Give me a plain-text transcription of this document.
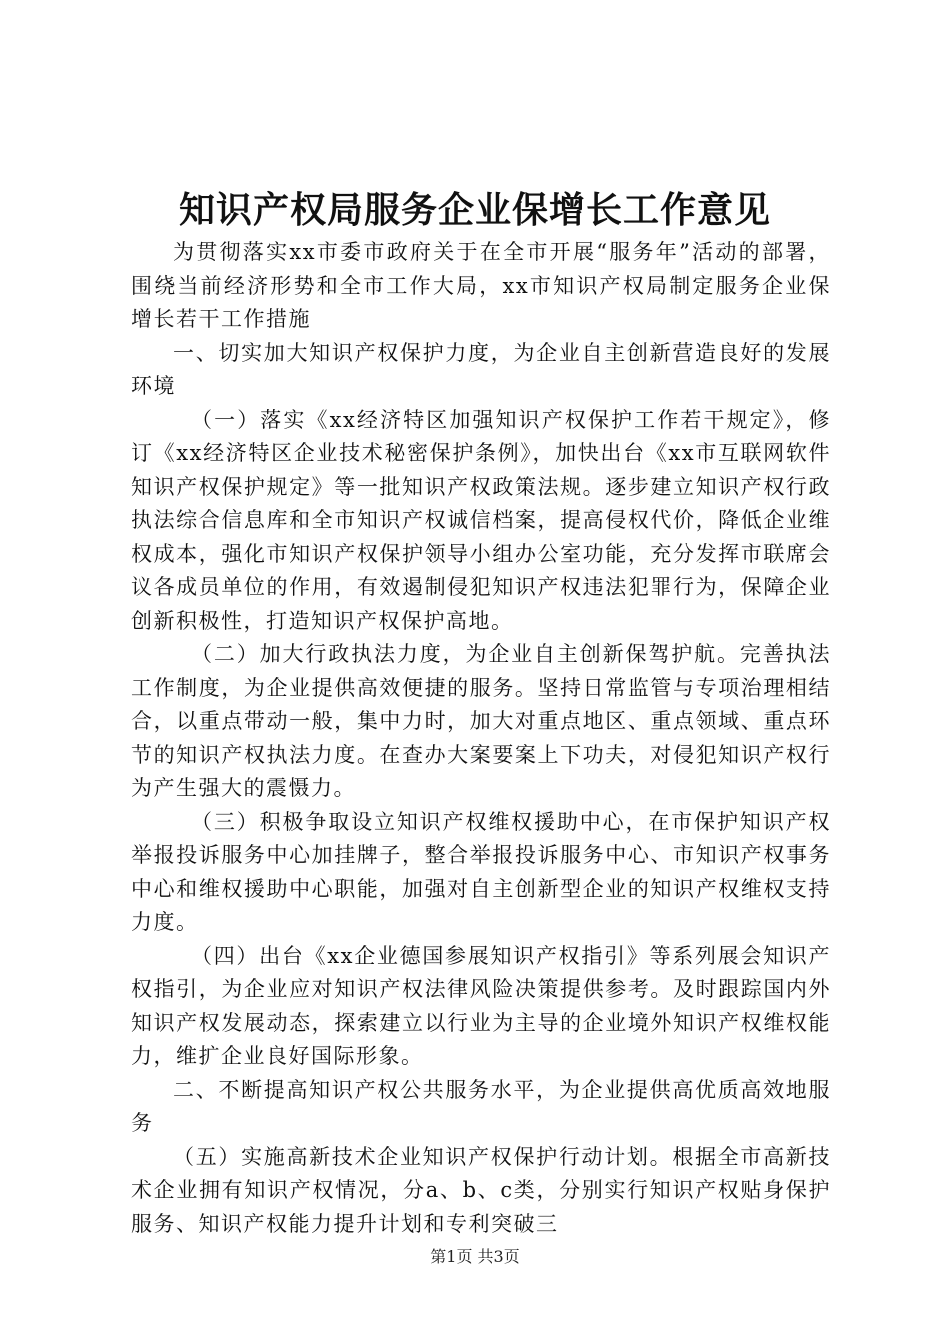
知识产权局服务企业保增长工作意见

为贯彻落实xx市委市政府关于在全市开展“服务年”活动的部署，围绕当前经济形势和全市工作大局，xx市知识产权局制定服务企业保增长若干工作措施

一、切实加大知识产权保护力度，为企业自主创新营造良好的发展环境

（一）落实《xx经济特区加强知识产权保护工作若干规定》，修订《xx经济特区企业技术秘密保护条例》，加快出台《xx市互联网软件知识产权保护规定》等一批知识产权政策法规。逐步建立知识产权行政执法综合信息库和全市知识产权诚信档案，提高侵权代价，降低企业维权成本，强化市知识产权保护领导小组办公室功能，充分发挥市联席会议各成员单位的作用，有效遏制侵犯知识产权违法犯罪行为，保障企业创新积极性，打造知识产权保护高地。

（二）加大行政执法力度，为企业自主创新保驾护航。完善执法工作制度，为企业提供高效便捷的服务。坚持日常监管与专项治理相结合，以重点带动一般，集中力时，加大对重点地区、重点领域、重点环节的知识产权执法力度。在查办大案要案上下功夫，对侵犯知识产权行为产生强大的震慑力。

（三）积极争取设立知识产权维权援助中心，在市保护知识产权举报投诉服务中心加挂牌子，整合举报投诉服务中心、市知识产权事务中心和维权援助中心职能，加强对自主创新型企业的知识产权维权支持力度。

（四）出台《xx企业德国参展知识产权指引》等系列展会知识产权指引，为企业应对知识产权法律风险决策提供参考。及时跟踪国内外知识产权发展动态，探索建立以行业为主导的企业境外知识产权维权能力，维扩企业良好国际形象。

二、不断提高知识产权公共服务水平，为企业提供高优质高效地服务

（五）实施高新技术企业知识产权保护行动计划。根据全市高新技术企业拥有知识产权情况，分a、b、c类，分别实行知识产权贴身保护服务、知识产权能力提升计划和专利突破三

第1页 共3页
